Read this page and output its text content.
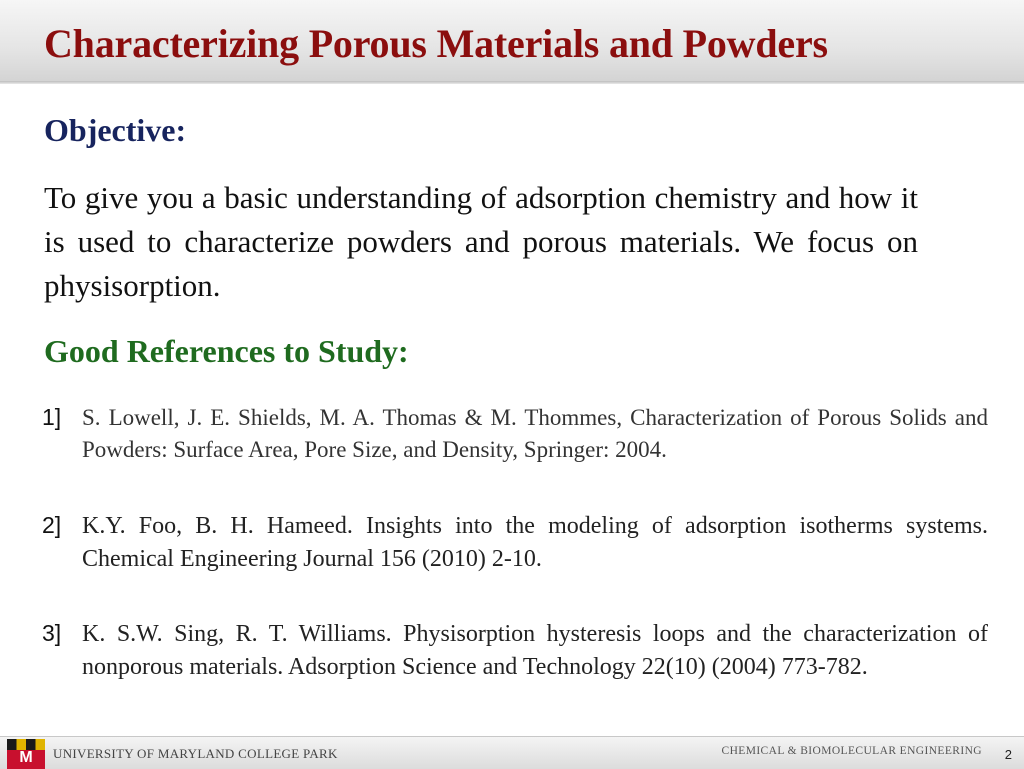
Characterizing Porous Materials and Powders
Objective:

To give you a basic understanding of adsorption chemistry and how it is used to characterize powders and porous materials. We focus on physisorption.

Good References to Study:
1] S. Lowell, J. E. Shields, M. A. Thomas & M. Thommes, Characterization of Porous Solids and Powders: Surface Area, Pore Size, and Density, Springer: 2004.

2] K.Y. Foo, B. H. Hameed. Insights into the modeling of adsorption isotherms systems. Chemical Engineering Journal 156 (2010) 2-10.

3] K. S.W. Sing, R. T. Williams. Physisorption hysteresis loops and the characterization of nonporous materials. Adsorption Science and Technology 22(10) (2004) 773-782.

M	UNIVERSITY OF MARYLAND COLLEGE PARK	CHEMICAL & BIOMOLECULAR ENGINEERING 2
